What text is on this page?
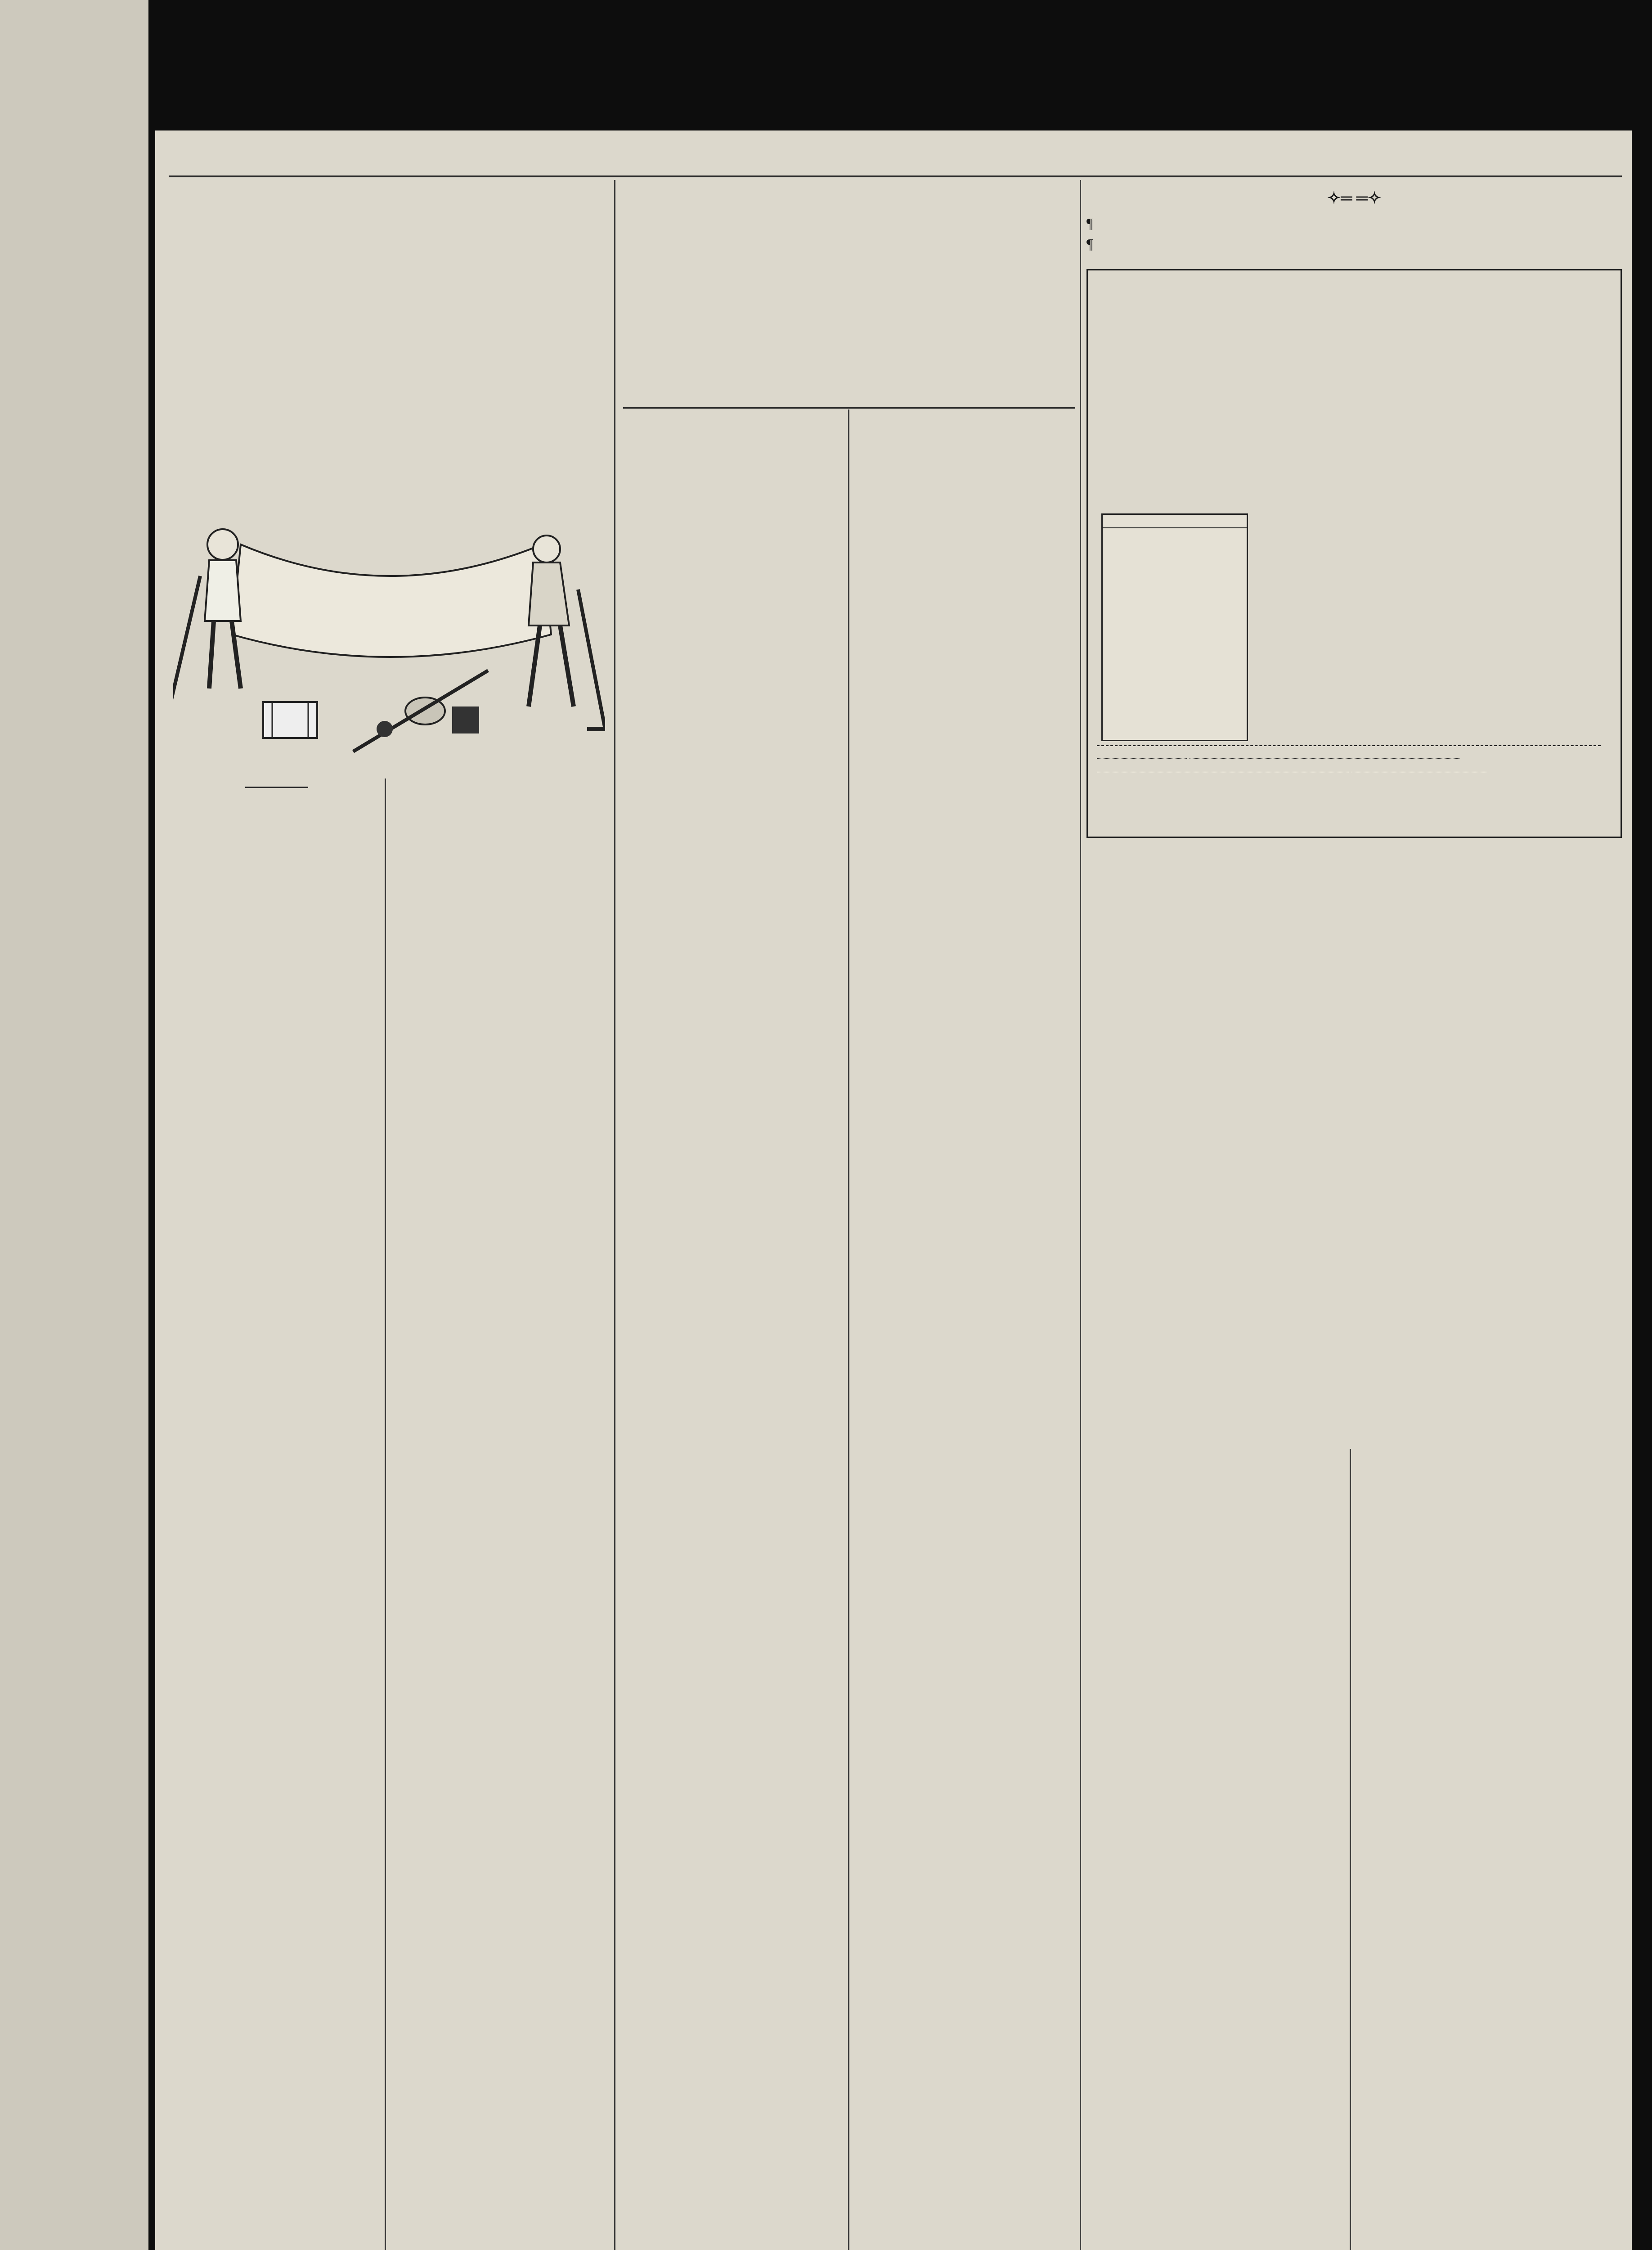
✧═ ═✧
¶
¶
